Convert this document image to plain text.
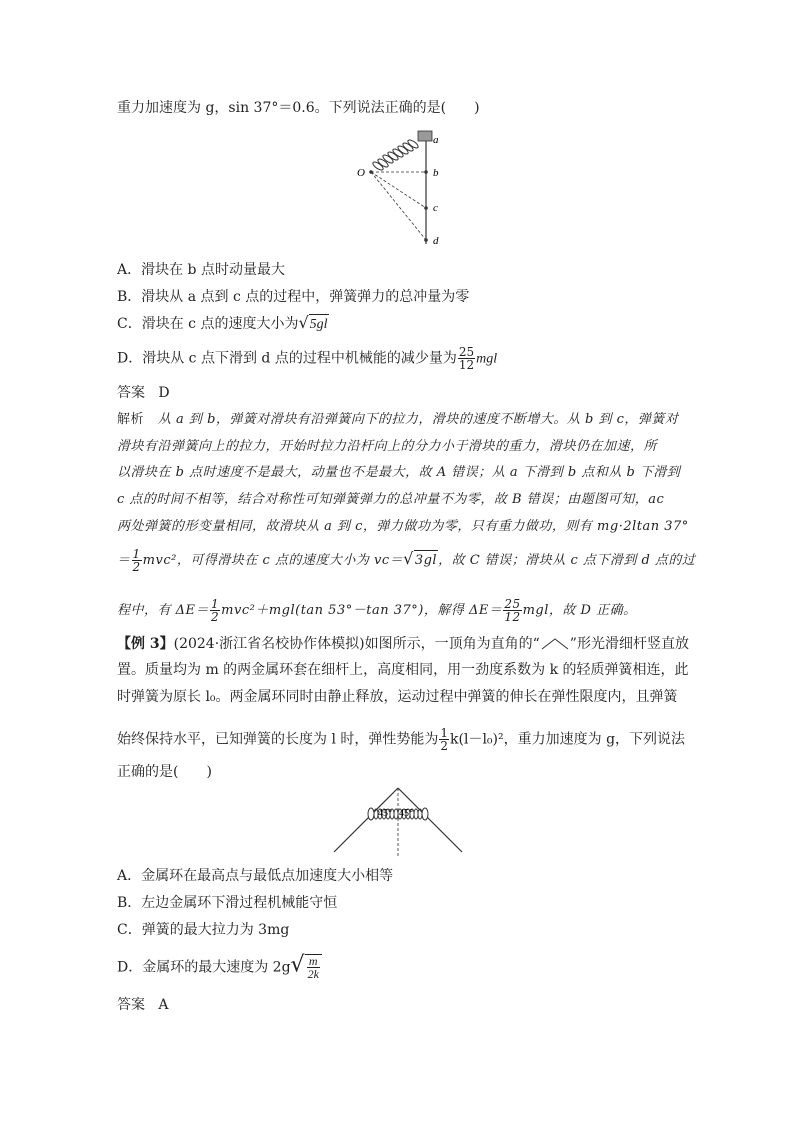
重力加速度为 g，sin 37°＝0.6。下列说法正确的是(　　)
a
b
c
d
O
A．滑块在 b 点时动量最大
B．滑块从 a 点到 c 点的过程中，弹簧弹力的总冲量为零
C．滑块在 c 点的速度大小为√5gl
D．滑块从 c 点下滑到 d 点的过程中机械能的减少量为 $\frac{25}{12}$ mgl
答案 D
解析 从 a 到 b，弹簧对滑块有沿弹簧向下的拉力，滑块的速度不断增大。从 b 到 c，弹簧对
滑块有沿弹簧向上的拉力，开始时拉力沿杆向上的分力小于滑块的重力，滑块仍在加速，所
以滑块在 b 点时速度不是最大，动量也不是最大，故 A 错误；从 a 下滑到 b 点和从 b 下滑到
c 点的时间不相等，结合对称性可知弹簧弹力的总冲量不为零，故 B 错误；由题图可知，ac
两处弹簧的形变量相同，故滑块从 a 到 c，弹力做功为零，只有重力做功，则有 mg·2ltan 37°
＝ $\frac{1}{2} mvc^2$，可得滑块在 c 点的速度大小为 vc＝√3gl，故 C 错误；滑块从 c 点下滑到 d 点的过
程中，有 $\Delta E= \frac{1}{2} mvc^2+mgl(\tan$ 53°－tan 37°)，解得 $\Delta E= \frac{25}{12}$ mgl，故 D 正确。
【例 3】(2024·浙江省名校协作体模拟)如图所示，一顶角为直角的“ ”形光滑细杆竖直放
置。质量均为 m 的两金属环套在细杆上，高度相同，用一劲度系数为 k 的轻质弹簧相连，此
时弹簧为原长 l₀。两金属环同时由静止释放，运动过程中弹簧的伸长在弹性限度内，且弹簧
始终保持水平，已知弹簧的长度为 l 时，弹性势能为 $\frac{1}{2} k(l-l_0)^2$，重力加速度为 g，下列说法
正确的是(　　)
45° 45°
A．金属环在最高点与最低点加速度大小相等
B．左边金属环下滑过程机械能守恒
C．弹簧的最大拉力为 3mg
D．金属环的最大速度为 $2g√ \frac{m}{2k}$
答案 A
